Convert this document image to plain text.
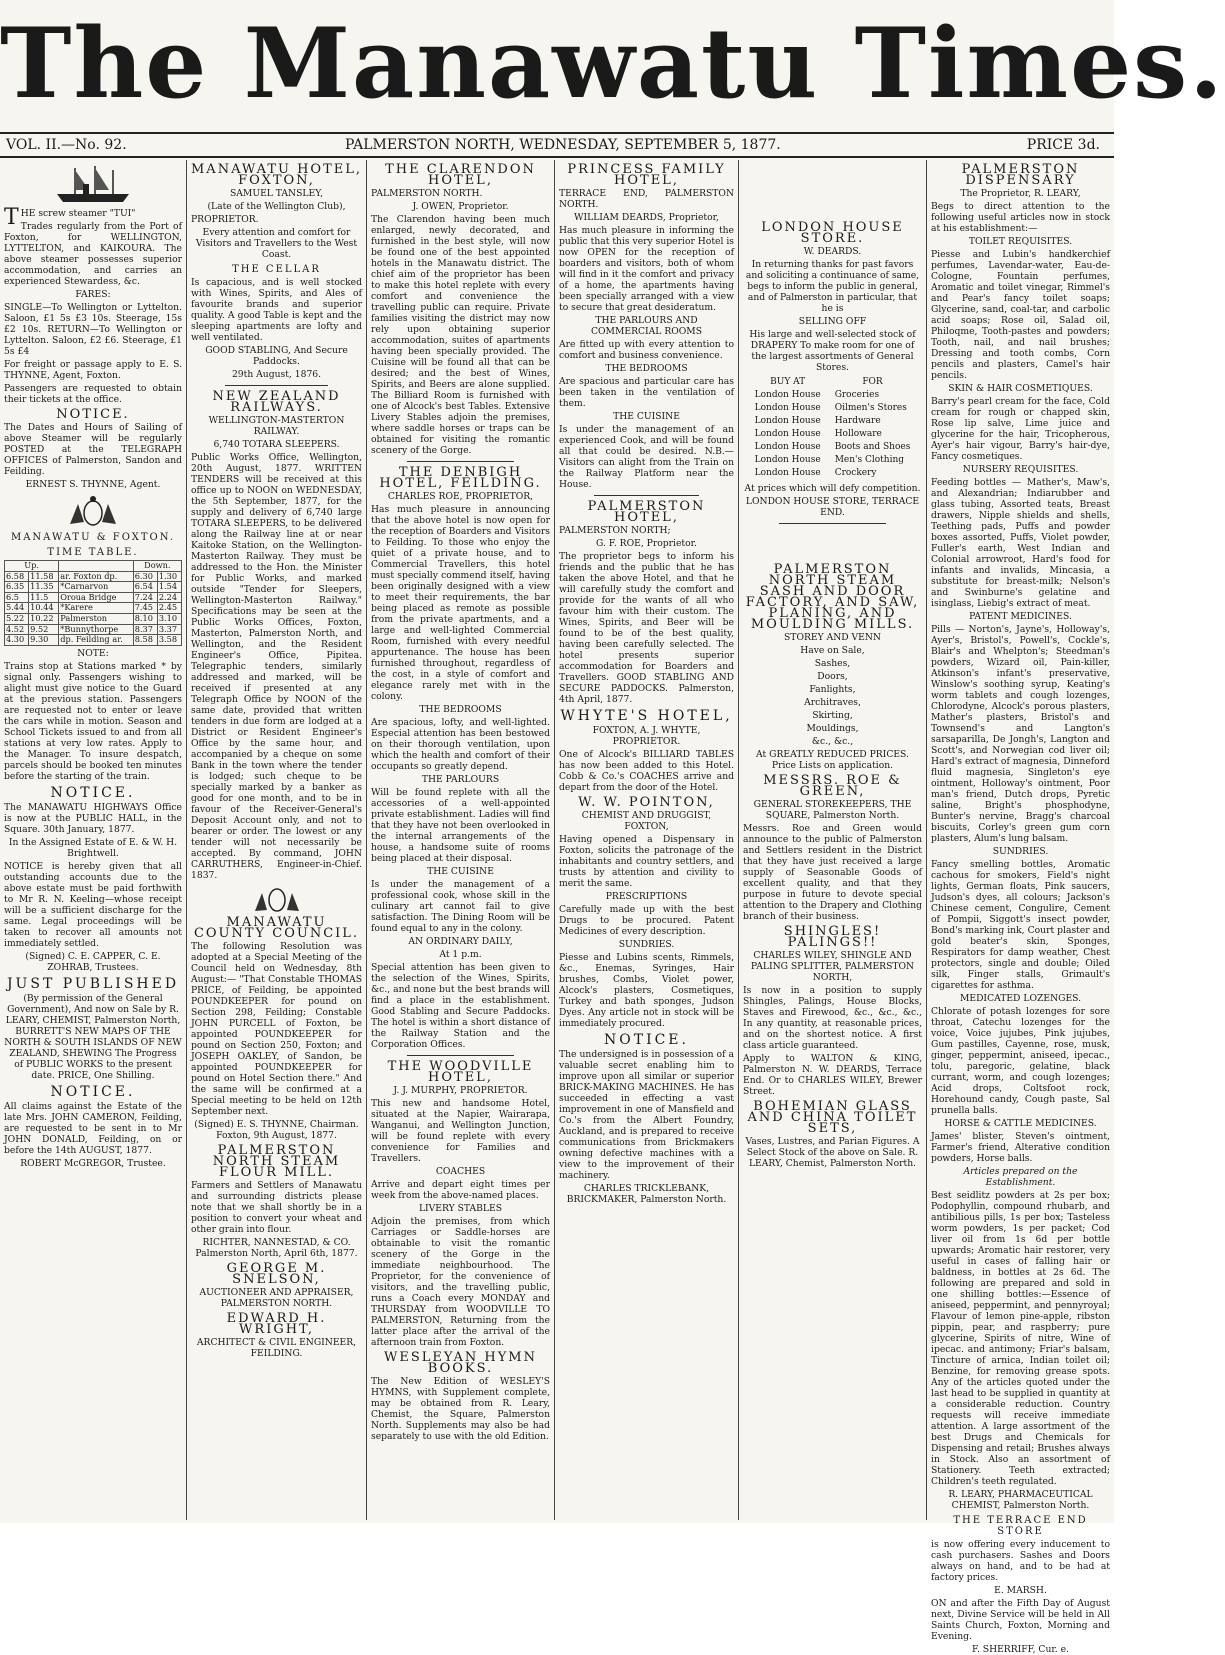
The Manawatu Times.
VOL. II.—No. 92.	PALMERSTON NORTH, WEDNESDAY, SEPTEMBER 5, 1877.	PRICE 3d.

THE screw steamer "TUI"

Trades regularly from the Port of Foxton, for WELLINGTON, LYTTELTON, and KAIKOURA. The above steamer possesses superior accommodation, and carries an experienced Stewardess, &c.

FARES:

SINGLE—To Wellington or Lyttelton. Saloon, £1 5s £3 10s. Steerage, 15s £2 10s. RETURN—To Wellington or Lyttelton. Saloon, £2 £6. Steerage, £1 5s £4

For freight or passage apply to E. S. THYNNE, Agent, Foxton.

Passengers are requested to obtain their tickets at the office.

NOTICE.

The Dates and Hours of Sailing of above Steamer will be regularly POSTED at the TELEGRAPH OFFICES of Palmerston, Sandon and Feilding.

ERNEST S. THYNNE, Agent.

MANAWATU & FOXTON.
TIME TABLE.
Up.			Down.	
6.58	11.58	ar. Foxton dp.	6.30	1.30
6.35	11.35	*Carnarvon	6.54	1.54
6.5	11.5	Oroua Bridge	7.24	2.24
5.44	10.44	*Karere	7.45	2.45
5.22	10.22	Palmerston	8.10	3.10
4.52	9.52	*Bunnythorpe	8.37	3.37
4.30	9.30	dp. Feilding ar.	8.58	3.58

NOTE:

Trains stop at Stations marked * by signal only. Passengers wishing to alight must give notice to the Guard at the previous station. Passengers are requested not to enter or leave the cars while in motion. Season and School Tickets issued to and from all stations at very low rates. Apply to the Manager. To insure despatch, parcels should be booked ten minutes before the starting of the train.

NOTICE.

The MANAWATU HIGHWAYS Office is now at the PUBLIC HALL, in the Square. 30th January, 1877.

In the Assigned Estate of E. & W. H. Brightwell.

NOTICE is hereby given that all outstanding accounts due to the above estate must be paid forthwith to Mr R. N. Keeling—whose receipt will be a sufficient discharge for the same. Legal proceedings will be taken to recover all amounts not immediately settled.

(Signed) C. E. CAPPER, C. E. ZOHRAB, Trustees.

JUST PUBLISHED

(By permission of the General Government), And now on Sale by R. LEARY, CHEMIST, Palmerston North, BURRETT'S NEW MAPS OF THE NORTH & SOUTH ISLANDS OF NEW ZEALAND, SHEWING The Progress of PUBLIC WORKS to the present date. PRICE, One Shilling.

NOTICE.

All claims against the Estate of the late Mrs. JOHN CAMERON, Feilding, are requested to be sent in to Mr JOHN DONALD, Feilding, on or before the 14th AUGUST, 1877.

ROBERT McGREGOR, Trustee.

MANAWATU HOTEL, FOXTON,

SAMUEL TANSLEY,

(Late of the Wellington Club),

PROPRIETOR.

Every attention and comfort for Visitors and Travellers to the West Coast.

THE CELLAR

Is capacious, and is well stocked with Wines, Spirits, and Ales of favourite brands and superior quality. A good Table is kept and the sleeping apartments are lofty and well ventilated.

GOOD STABLING, And Secure Paddocks.

29th August, 1876.

NEW ZEALAND RAILWAYS.

WELLINGTON-MASTERTON RAILWAY.

6,740 TOTARA SLEEPERS.

Public Works Office, Wellington, 20th August, 1877. WRITTEN TENDERS will be received at this office up to NOON on WEDNESDAY, the 5th September, 1877, for the supply and delivery of 6,740 large TOTARA SLEEPERS, to be delivered along the Railway line at or near Kaitoke Station, on the Wellington-Masterton Railway. They must be addressed to the Hon. the Minister for Public Works, and marked outside "Tender for Sleepers, Wellington-Masterton Railway." Specifications may be seen at the Public Works Offices, Foxton, Masterton, Palmerston North, and Wellington, and the Resident Engineer's Office, Pipitea. Telegraphic tenders, similarly addressed and marked, will be received if presented at any Telegraph Office by NOON of the same date, provided that written tenders in due form are lodged at a District or Resident Engineer's Office by the same hour, and accompanied by a cheque on some Bank in the town where the tender is lodged; such cheque to be specially marked by a banker as good for one month, and to be in favour of the Receiver-General's Deposit Account only, and not to bearer or order. The lowest or any tender will not necessarily be accepted. By command, JOHN CARRUTHERS, Engineer-in-Chief. 1837.

MANAWATU COUNTY COUNCIL.

The following Resolution was adopted at a Special Meeting of the Council held on Wednesday, 8th August:— "That Constable THOMAS PRICE, of Feilding, be appointed POUNDKEEPER for pound on Section 298, Feilding; Constable JOHN PURCELL of Foxton, be appointed POUNDKEEPER for pound on Section 250, Foxton; and JOSEPH OAKLEY, of Sandon, be appointed POUNDKEEPER for pound on Hotel Section there." And the same will be confirmed at a Special meeting to be held on 12th September next.

(Signed) E. S. THYNNE, Chairman. Foxton, 9th August, 1877.

PALMERSTON NORTH STEAM FLOUR MILL.

Farmers and Settlers of Manawatu and surrounding districts please note that we shall shortly be in a position to convert your wheat and other grain into flour.

RICHTER, NANNESTAD, & CO. Palmerston North, April 6th, 1877.

GEORGE M. SNELSON,

AUCTIONEER AND APPRAISER, PALMERSTON NORTH.

EDWARD H. WRIGHT,

ARCHITECT & CIVIL ENGINEER, FEILDING.

THE CLARENDON HOTEL,

PALMERSTON NORTH.

J. OWEN, Proprietor.

The Clarendon having been much enlarged, newly decorated, and furnished in the best style, will now be found one of the best appointed hotels in the Manawatu district. The chief aim of the proprietor has been to make this hotel replete with every comfort and convenience the travelling public can require. Private families visiting the district may now rely upon obtaining superior accommodation, suites of apartments having been specially provided. The Cuisine will be found all that can be desired; and the best of Wines, Spirits, and Beers are alone supplied. The Billiard Room is furnished with one of Alcock's best Tables. Extensive Livery Stables adjoin the premises, where saddle horses or traps can be obtained for visiting the romantic scenery of the Gorge.

THE DENBIGH HOTEL, FEILDING.

CHARLES ROE, PROPRIETOR,

Has much pleasure in announcing that the above hotel is now open for the reception of Boarders and Visitors to Feilding. To those who enjoy the quiet of a private house, and to Commercial Travellers, this hotel must specially commend itself, having been originally designed with a view to meet their requirements, the bar being placed as remote as possible from the private apartments, and a large and well-lighted Commercial Room, furnished with every needful appurtenance. The house has been furnished throughout, regardless of the cost, in a style of comfort and elegance rarely met with in the colony.

THE BEDROOMS

Are spacious, lofty, and well-lighted. Especial attention has been bestowed on their thorough ventilation, upon which the health and comfort of their occupants so greatly depend.

THE PARLOURS

Will be found replete with all the accessories of a well-appointed private establishment. Ladies will find that they have not been overlooked in the internal arrangements of the house, a handsome suite of rooms being placed at their disposal.

THE CUISINE

Is under the management of a professional cook, whose skill in the culinary art cannot fail to give satisfaction. The Dining Room will be found equal to any in the colony.

AN ORDINARY DAILY,

At 1 p.m.

Special attention has been given to the selection of the Wines, Spirits, &c., and none but the best brands will find a place in the establishment. Good Stabling and Secure Paddocks. The hotel is within a short distance of the Railway Station and the Corporation Offices.

THE WOODVILLE HOTEL,

J. J. MURPHY, PROPRIETOR.

This new and handsome Hotel, situated at the Napier, Wairarapa, Wanganui, and Wellington Junction, will be found replete with every convenience for Families and Travellers.

COACHES

Arrive and depart eight times per week from the above-named places.

LIVERY STABLES

Adjoin the premises, from which Carriages or Saddle-horses are obtainable to visit the romantic scenery of the Gorge in the immediate neighbourhood. The Proprietor, for the convenience of visitors, and the travelling public, runs a Coach every MONDAY and THURSDAY from WOODVILLE TO PALMERSTON, Returning from the latter place after the arrival of the afternoon train from Foxton.

WESLEYAN HYMN BOOKS.

The New Edition of WESLEY'S HYMNS, with Supplement complete, may be obtained from R. Leary, Chemist, the Square, Palmerston North. Supplements may also be had separately to use with the old Edition.

PRINCESS FAMILY HOTEL,

TERRACE END, PALMERSTON NORTH.

WILLIAM DEARDS, Proprietor,

Has much pleasure in informing the public that this very superior Hotel is now OPEN for the reception of boarders and visitors, both of whom will find in it the comfort and privacy of a home, the apartments having been specially arranged with a view to secure that great desideratum.

THE PARLOURS AND COMMERCIAL ROOMS

Are fitted up with every attention to comfort and business convenience.

THE BEDROOMS

Are spacious and particular care has been taken in the ventilation of them.

THE CUISINE

Is under the management of an experienced Cook, and will be found all that could be desired. N.B.—Visitors can alight from the Train on the Railway Platform near the House.

PALMERSTON HOTEL,

PALMERSTON NORTH;

G. F. ROE, Proprietor.

The proprietor begs to inform his friends and the public that he has taken the above Hotel, and that he will carefully study the comfort and provide for the wants of all who favour him with their custom. The Wines, Spirits, and Beer will be found to be of the best quality, having been carefully selected. The hotel presents superior accommodation for Boarders and Travellers. GOOD STABLING AND SECURE PADDOCKS. Palmerston, 4th April, 1877.

WHYTE'S HOTEL,

FOXTON, A. J. WHYTE, PROPRIETOR.

One of Alcock's BILLIARD TABLES has now been added to this Hotel. Cobb & Co.'s COACHES arrive and depart from the door of the Hotel.

W. W. POINTON,

CHEMIST AND DRUGGIST, FOXTON,

Having opened a Dispensary in Foxton, solicits the patronage of the inhabitants and country settlers, and trusts by attention and civility to merit the same.

PRESCRIPTIONS

Carefully made up with the best Drugs to be procured. Patent Medicines of every description.

SUNDRIES.

Piesse and Lubins scents, Rimmels, &c., Enemas, Syringes, Hair brushes, Combs, Violet power, Alcock's plasters, Cosmetiques, Turkey and bath sponges, Judson Dyes. Any article not in stock will be immediately procured.

NOTICE.

The undersigned is in possession of a valuable secret enabling him to improve upon all similar or superior BRICK-MAKING MACHINES. He has succeeded in effecting a vast improvement in one of Mansfield and Co.'s from the Albert Foundry, Auckland, and is prepared to receive communications from Brickmakers owning defective machines with a view to the improvement of their machinery.

CHARLES TRICKLEBANK, BRICKMAKER, Palmerston North.

LONDON HOUSE STORE.

W. DEARDS.

In returning thanks for past favors and soliciting a continuance of same, begs to inform the public in general, and of Palmerston in particular, that he is

SELLING OFF

His large and well-selected stock of DRAPERY To make room for one of the largest assortments of General Stores.

BUY AT	FOR
London House	Groceries
London House	Oilmen's Stores
London House	Hardware
London House	Holloware
London House	Boots and Shoes
London House	Men's Clothing
London House	Crockery

At prices which will defy competition.

LONDON HOUSE STORE, TERRACE END.

PALMERSTON NORTH STEAM SASH AND DOOR FACTORY, AND SAW, PLANING, AND MOULDING MILLS.

STOREY AND VENN

Have on Sale,

Sashes,

Doors,

Fanlights,

Architraves,

Skirting,

Mouldings,

&c., &c.,

At GREATLY REDUCED PRICES. Price Lists on application.

MESSRS. ROE & GREEN,

GENERAL STOREKEEPERS, THE SQUARE, Palmerston North.

Messrs. Roe and Green would announce to the public of Palmerston and Settlers resident in the District that they have just received a large supply of Seasonable Goods of excellent quality, and that they purpose in future to devote special attention to the Drapery and Clothing branch of their business.

SHINGLES! PALINGS!!

CHARLES WILEY, SHINGLE AND PALING SPLITTER, PALMERSTON NORTH,

Is now in a position to supply Shingles, Palings, House Blocks, Staves and Firewood, &c., &c., &c., In any quantity, at reasonable prices, and on the shortest notice. A first class article guaranteed.

Apply to WALTON & KING, Palmerston N. W. DEARDS, Terrace End. Or to CHARLES WILEY, Brewer Street.

BOHEMIAN GLASS AND CHINA TOILET SETS,

Vases, Lustres, and Parian Figures. A Select Stock of the above on Sale. R. LEARY, Chemist, Palmerston North.

PALMERSTON DISPENSARY

The Proprietor, R. LEARY,

Begs to direct attention to the following useful articles now in stock at his establishment:—

TOILET REQUISITES.

Piesse and Lubin's handkerchief perfumes, Lavendar-water, Eau-de-Cologne, Fountain perfumes, Aromatic and toilet vinegar, Rimmel's and Pear's fancy toilet soaps; Glycerine, sand, coal-tar, and carbolic acid soaps; Rose oil, Salad oil, Philoqme, Tooth-pastes and powders; Tooth, nail, and nail brushes; Dressing and tooth combs, Corn pencils and plasters, Camel's hair pencils.

SKIN & HAIR COSMETIQUES.

Barry's pearl cream for the face, Cold cream for rough or chapped skin, Rose lip salve, Lime juice and glycerine for the hair, Tricopherous, Ayer's hair vigour, Barry's hair-dye, Fancy cosmetiques.

NURSERY REQUISITES.

Feeding bottles — Mather's, Maw's, and Alexandrian; Indiarubber and glass tubing, Assorted teats, Breast drawers, Nipple shields and shells, Teething pads, Puffs and powder boxes assorted, Puffs, Violet powder, Fuller's earth, West Indian and Colonial arrowroot, Hard's food for infants and invalids, Mincasia, a substitute for breast-milk; Nelson's and Swinburne's gelatine and isinglass, Liebig's extract of meat.

PATENT MEDICINES.

Pills — Norton's, Jayne's, Holloway's, Ayer's, Bristol's, Powell's, Cockle's, Blair's and Whelpton's; Steedman's powders, Wizard oil, Pain-killer, Atkinson's infant's preservative, Winslow's soothing syrup, Keating's worm tablets and cough lozenges, Chlorodyne, Alcock's porous plasters, Mather's plasters, Bristol's and Townsend's and Langton's sarsaparilla, De Jongh's, Langton and Scott's, and Norwegian cod liver oil; Hard's extract of magnesia, Dinneford fluid magnesia, Singleton's eye ointment, Holloway's ointment, Poor man's friend, Dutch drops, Pyretic saline, Bright's phosphodyne, Bunter's nervine, Bragg's charcoal biscuits, Corley's green gum corn plasters, Alum's lung balsam.

SUNDRIES.

Fancy smelling bottles, Aromatic cachous for smokers, Field's night lights, German floats, Pink saucers, Judson's dyes, all colours; Jackson's Chinese cement, Congulire, Cement of Pompii, Siggott's insect powder, Bond's marking ink, Court plaster and gold beater's skin, Sponges, Respirators for damp weather, Chest protectors, single and double; Oiled silk, Finger stalls, Grimault's cigarettes for asthma.

MEDICATED LOZENGES.

Chlorate of potash lozenges for sore throat, Catechu lozenges for the voice, Voice jujubes, Pink jujubes, Gum pastilles, Cayenne, rose, musk, ginger, peppermint, aniseed, ipecac., tolu, paregoric, gelatine, black currant, worm, and cough lozenges; Acid drops, Coltsfoot rock, Horehound candy, Cough paste, Sal prunella balls.

HORSE & CATTLE MEDICINES.

James' blister, Steven's ointment, Farmer's friend, Alterative condition powders, Horse balls.

Articles prepared on the Establishment.

Best seidlitz powders at 2s per box; Podophyllin, compound rhubarb, and antibilious pills, 1s per box; Tasteless worm powders, 1s per packet; Cod liver oil from 1s 6d per bottle upwards; Aromatic hair restorer, very useful in cases of falling hair or baldness, in bottles at 2s 6d. The following are prepared and sold in one shilling bottles:—Essence of aniseed, peppermint, and pennyroyal; Flavour of lemon pine-apple, ribston pippin, pear, and raspberry; pure glycerine, Spirits of nitre, Wine of ipecac. and antimony; Friar's balsam, Tincture of arnica, Indian toilet oil; Benzine, for removing grease spots. Any of the articles quoted under the last head to be supplied in quantity at a considerable reduction. Country requests will receive immediate attention. A large assortment of the best Drugs and Chemicals for Dispensing and retail; Brushes always in Stock. Also an assortment of Stationery. Teeth extracted; Children's teeth regulated.

R. LEARY, PHARMACEUTICAL CHEMIST, Palmerston North.

THE TERRACE END STORE

is now offering every inducement to cash purchasers. Sashes and Doors always on hand, and to be had at factory prices.

E. MARSH.

ON and after the Fifth Day of August next, Divine Service will be held in All Saints Church, Foxton, Morning and Evening.

F. SHERRIFF, Cur. e.
